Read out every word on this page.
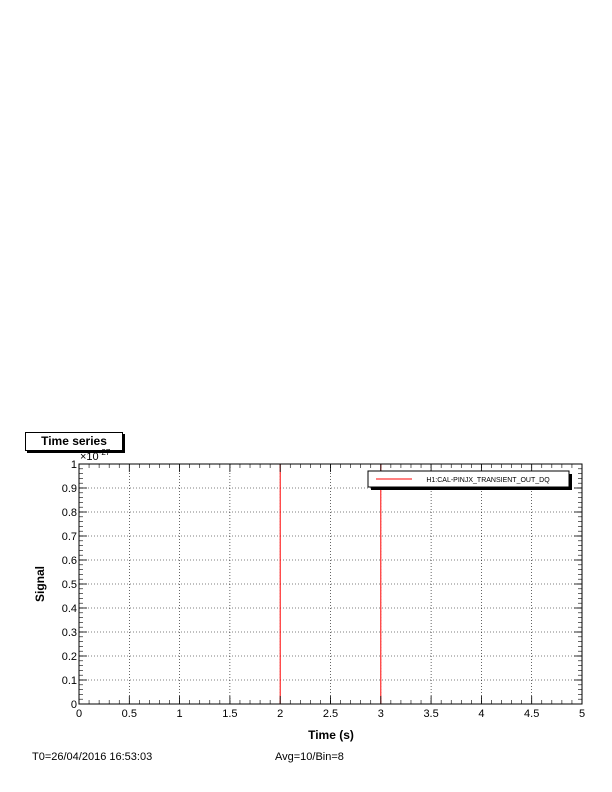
Time series
0	0.5	1	1.5	2	2.5	3	3.5	4	4.5	5
0
0.1
0.2
0.3
0.4
0.5
0.6
0.7
0.8
0.9
1
$\times 10^{-27}$
Time (s)
Signal
H1:CAL-PINJX_TRANSIENT_OUT_DQ
T0=26/04/2016 16:53:03	Avg=10/Bin=8
